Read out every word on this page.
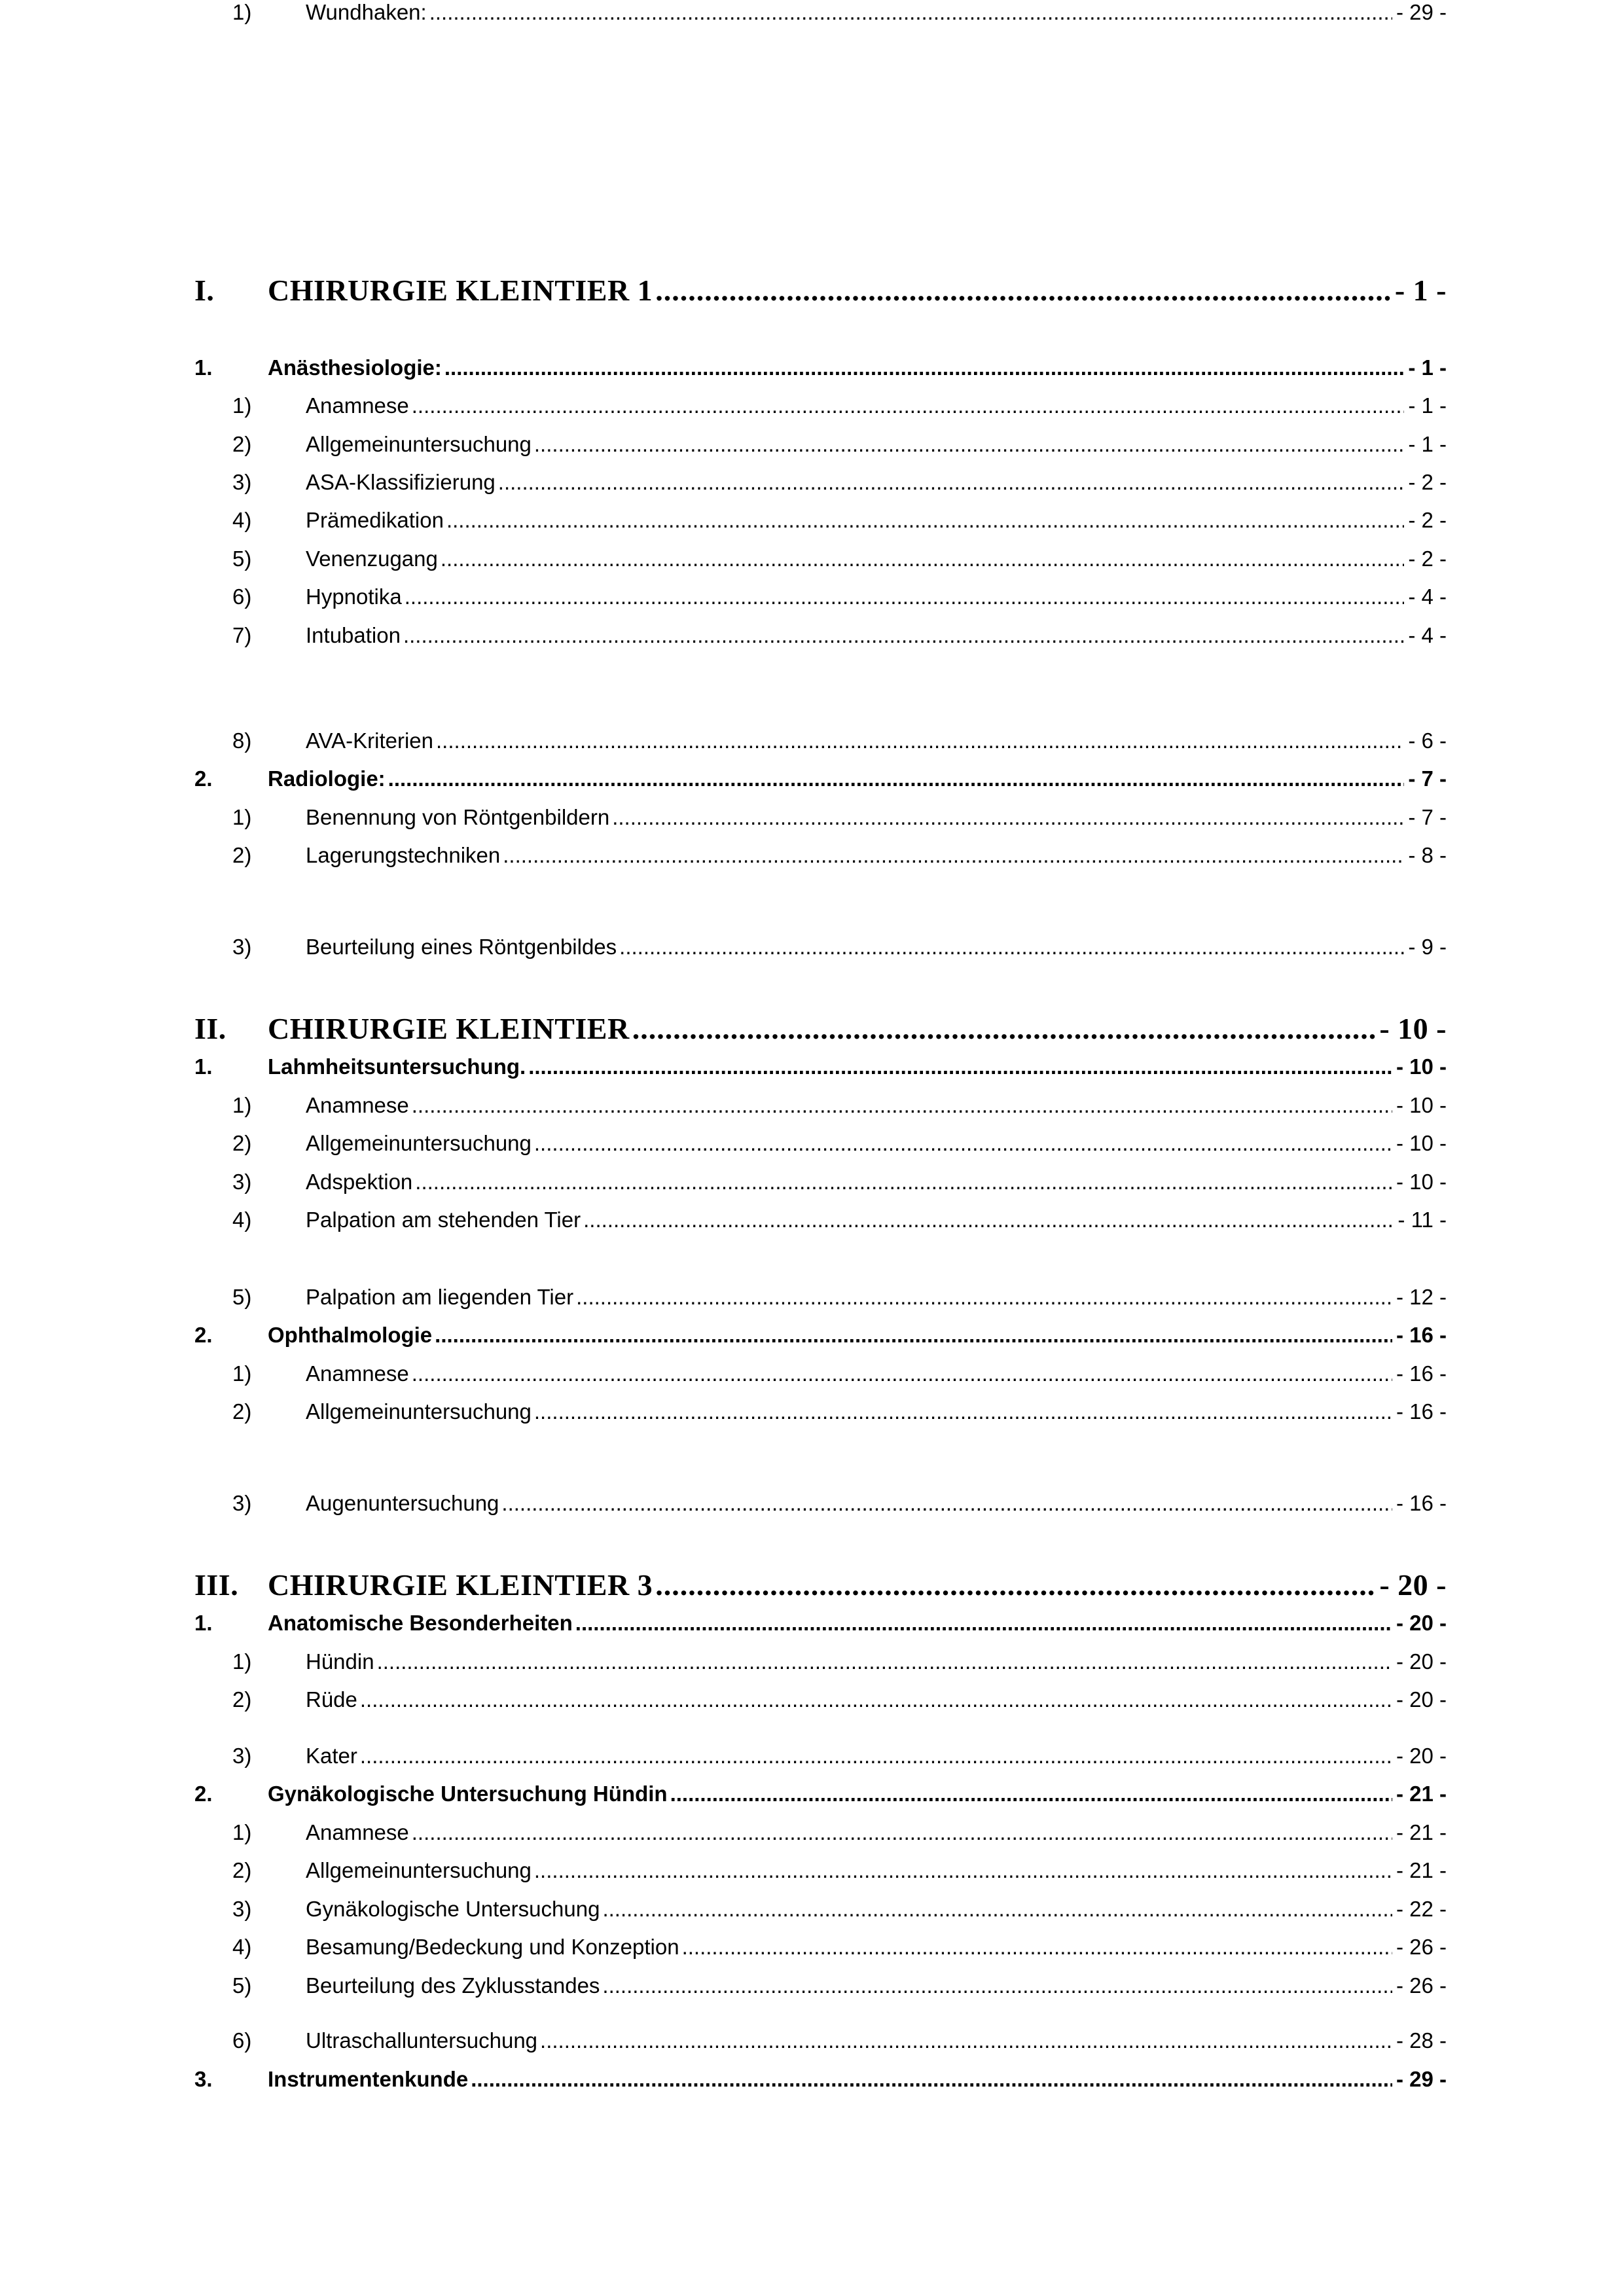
I.	CHIRURGIE KLEINTIER 1 .....	- 1 -
1.	Anästhesiologie: .....	- 1 -
1)	Anamnese .....	- 1 -
2)	Allgemeinuntersuchung .....	- 1 -
3)	ASA-Klassifizierung .....	- 2 -
4)	Prämedikation .....	- 2 -
5)	Venenzugang .....	- 2 -
6)	Hypnotika .....	- 4 -
7)	Intubation .....	- 4 -
8)	AVA-Kriterien .....	- 6 -
2.	Radiologie: .....	- 7 -
1)	Benennung von Röntgenbildern .....	- 7 -
2)	Lagerungstechniken .....	- 8 -
3)	Beurteilung eines Röntgenbildes .....	- 9 -
II.	CHIRURGIE KLEINTIER .....	- 10 -
1.	Lahmheitsuntersuchung. .....	- 10 -
1)	Anamnese .....	- 10 -
2)	Allgemeinuntersuchung .....	- 10 -
3)	Adspektion .....	- 10 -
4)	Palpation am stehenden Tier .....	- 11 -
5)	Palpation am liegenden Tier .....	- 12 -
2.	Ophthalmologie .....	- 16 -
1)	Anamnese .....	- 16 -
2)	Allgemeinuntersuchung .....	- 16 -
3)	Augenuntersuchung .....	- 16 -
III. CHIRURGIE KLEINTIER 3 .....	- 20 -
1.	Anatomische Besonderheiten .....	- 20 -
1)	Hündin .....	- 20 -
2)	Rüde .....	- 20 -
3)	Kater .....	- 20 -
2.	Gynäkologische Untersuchung Hündin .....	- 21 -
1)	Anamnese .....	- 21 -
2)	Allgemeinuntersuchung .....	- 21 -
3)	Gynäkologische Untersuchung .....	- 22 -
4)	Besamung/Bedeckung und Konzeption .....	- 26 -
5)	Beurteilung des Zyklusstandes .....	- 26 -
6)	Ultraschalluntersuchung .....	- 28 -
3.	Instrumentenkunde .....	- 29 -
1)	Wundhaken: .....	- 29 -
